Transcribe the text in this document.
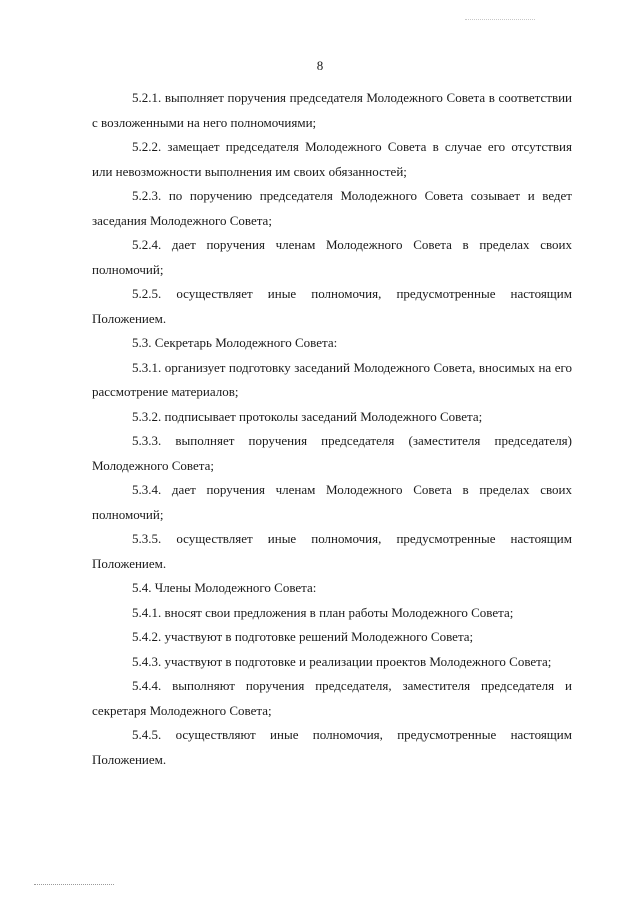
8

5.2.1. выполняет поручения председателя Молодежного Совета в соответствии с возложенными на него полномочиями;

5.2.2. замещает председателя Молодежного Совета в случае его отсутствия или невозможности выполнения им своих обязанностей;

5.2.3. по поручению председателя Молодежного Совета созывает и ведет заседания Молодежного Совета;

5.2.4. дает поручения членам Молодежного Совета в пределах своих полномочий;

5.2.5. осуществляет иные полномочия, предусмотренные настоящим Положением.

5.3. Секретарь Молодежного Совета:

5.3.1. организует подготовку заседаний Молодежного Совета, вносимых на его рассмотрение материалов;

5.3.2. подписывает протоколы заседаний Молодежного Совета;

5.3.3. выполняет поручения председателя (заместителя председателя) Молодежного Совета;

5.3.4. дает поручения членам Молодежного Совета в пределах своих полномочий;

5.3.5. осуществляет иные полномочия, предусмотренные настоящим Положением.

5.4. Члены Молодежного Совета:

5.4.1. вносят свои предложения в план работы Молодежного Совета;

5.4.2. участвуют в подготовке решений Молодежного Совета;

5.4.3. участвуют в подготовке и реализации проектов Молодежного Совета;

5.4.4. выполняют поручения председателя, заместителя председателя и секретаря Молодежного Совета;

5.4.5. осуществляют иные полномочия, предусмотренные настоящим Положением.
